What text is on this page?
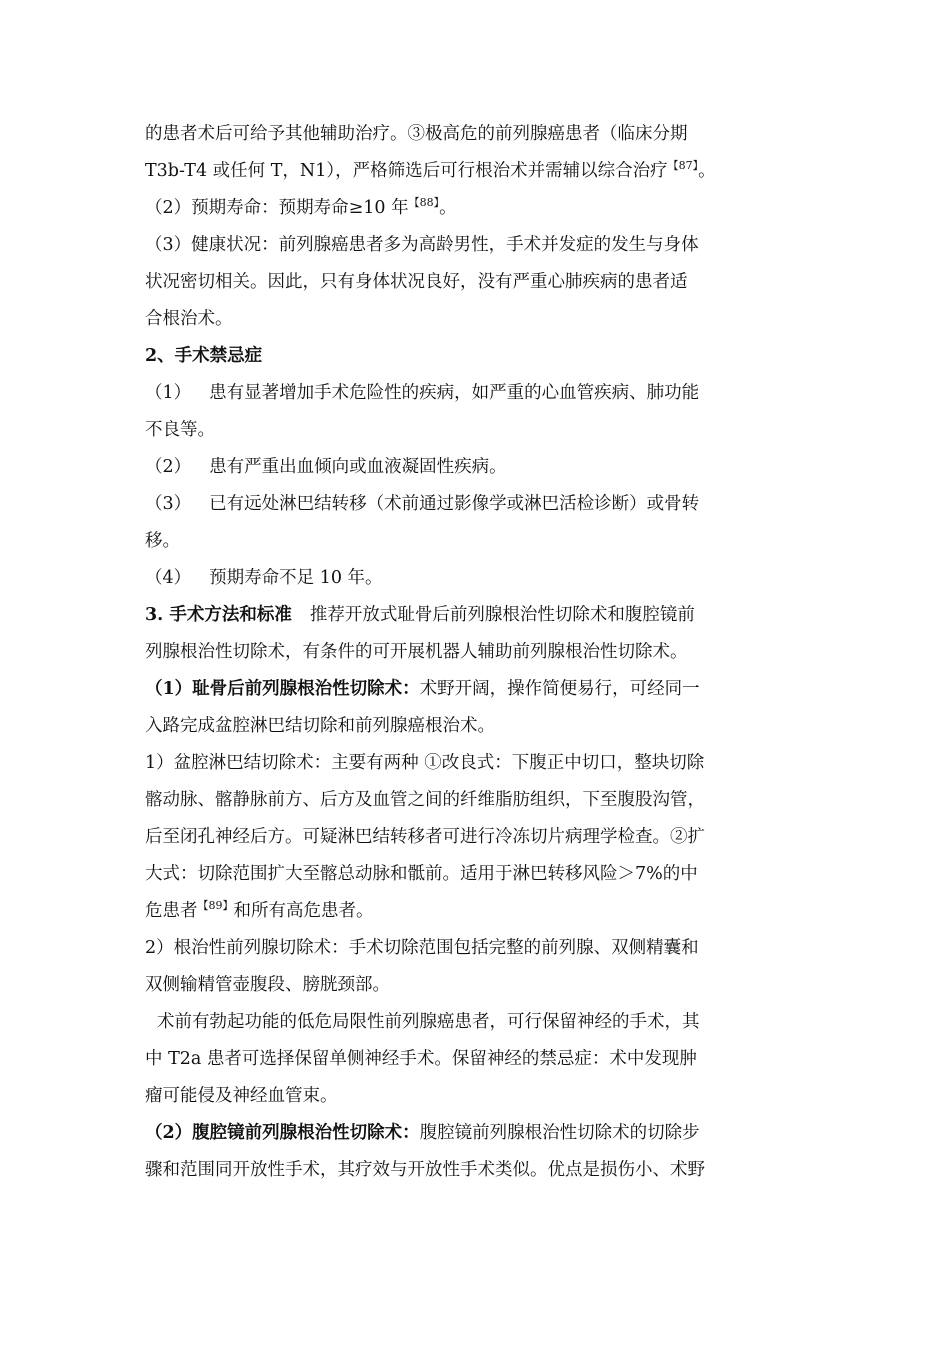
的患者术后可给予其他辅助治疗。③极高危的前列腺癌患者（临床分期
T3b-T4 或任何 T，N1），严格筛选后可行根治术并需辅以综合治疗$^{【87】}$。
（2）预期寿命：预期寿命≥10 年$^{【88】}$。
（3）健康状况：前列腺癌患者多为高龄男性，手术并发症的发生与身体
状况密切相关。因此，只有身体状况良好，没有严重心肺疾病的患者适
合根治术。
2、手术禁忌症
（1） 患有显著增加手术危险性的疾病，如严重的心血管疾病、肺功能
不良等。
（2） 患有严重出血倾向或血液凝固性疾病。
（3） 已有远处淋巴结转移（术前通过影像学或淋巴活检诊断）或骨转
移。
（4） 预期寿命不足 10 年。
3. 手术方法和标准 推荐开放式耻骨后前列腺根治性切除术和腹腔镜前
列腺根治性切除术，有条件的可开展机器人辅助前列腺根治性切除术。
（1）耻骨后前列腺根治性切除术：术野开阔，操作简便易行，可经同一
入路完成盆腔淋巴结切除和前列腺癌根治术。
1）盆腔淋巴结切除术：主要有两种 ①改良式：下腹正中切口，整块切除
髂动脉、髂静脉前方、后方及血管之间的纤维脂肪组织，下至腹股沟管，
后至闭孔神经后方。可疑淋巴结转移者可进行冷冻切片病理学检查。②扩
大式：切除范围扩大至髂总动脉和骶前。适用于淋巴转移风险＞7%的中
危患者$^{【89】}$和所有高危患者。
2）根治性前列腺切除术：手术切除范围包括完整的前列腺、双侧精囊和
双侧输精管壶腹段、膀胱颈部。
术前有勃起功能的低危局限性前列腺癌患者，可行保留神经的手术，其
中 T2a 患者可选择保留单侧神经手术。保留神经的禁忌症：术中发现肿
瘤可能侵及神经血管束。
（2）腹腔镜前列腺根治性切除术：腹腔镜前列腺根治性切除术的切除步
骤和范围同开放性手术，其疗效与开放性手术类似。优点是损伤小、术野
